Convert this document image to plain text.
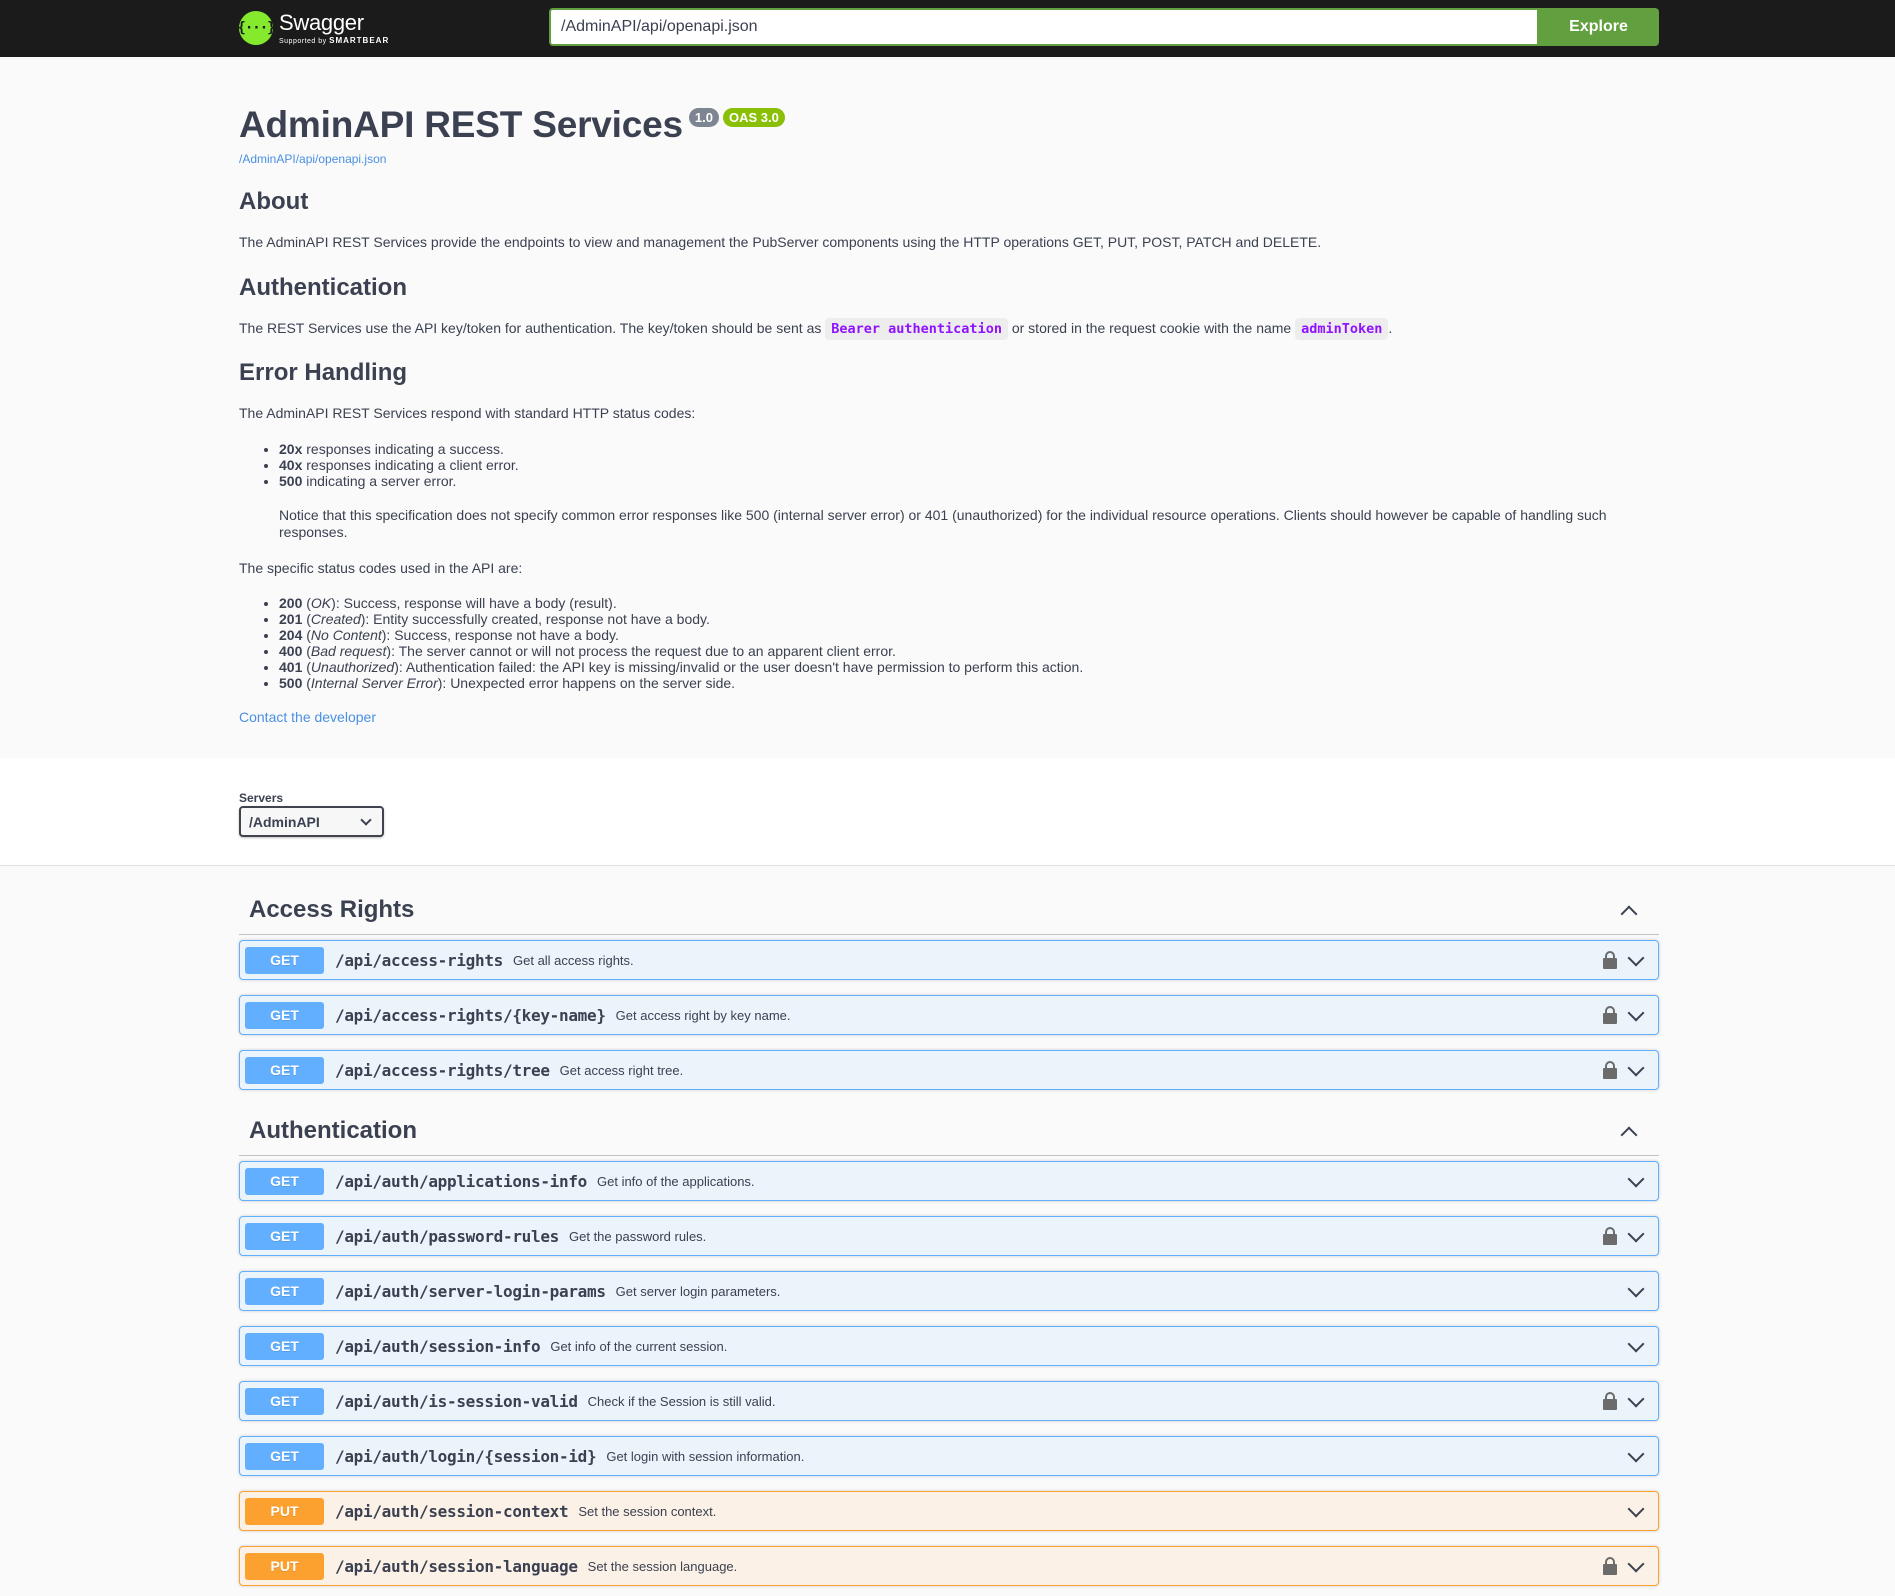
{···} Swagger
Supported by SMARTBEAR
/AdminAPI/api/openapi.json
Explore
AdminAPI REST Services 1.0	OAS 3.0
/AdminAPI/api/openapi.json
About

The AdminAPI REST Services provide the endpoints to view and management the PubServer components using the HTTP operations GET, PUT, POST, PATCH and DELETE.

Authentication

The REST Services use the API key/token for authentication. The key/token should be sent as Bearer authentication or stored in the request cookie with the name adminToken .

Error Handling

The AdminAPI REST Services respond with standard HTTP status codes:

• 20x responses indicating a success.
• 40x responses indicating a client error.
• 500 indicating a server error.

Notice that this specification does not specify common error responses like 500 (internal server error) or 401 (unauthorized) for the individual resource operations. Clients should however be capable of handling such responses.

The specific status codes used in the API are:

• 200 (OK): Success, response will have a body (result).
• 201 (Created): Entity successfully created, response not have a body.
• 204 (No Content): Success, response not have a body.
• 400 (Bad request): The server cannot or will not process the request due to an apparent client error.
• 401 (Unauthorized): Authentication failed: the API key is missing/invalid or the user doesn't have permission to perform this action.
• 500 (Internal Server Error): Unexpected error happens on the server side.
Contact the developer
Servers
/AdminAPI
Access Rights
GET	/api/access-rights Get all access rights.
GET	/api/access-rights/{key-name} Get access right by key name.
GET	/api/access-rights/tree Get access right tree.
Authentication
GET	/api/auth/applications-info Get info of the applications.
GET	/api/auth/password-rules Get the password rules.
GET	/api/auth/server-login-params Get server login parameters.
GET	/api/auth/session-info Get info of the current session.
GET	/api/auth/is-session-valid Check if the Session is still valid.
GET	/api/auth/login/{session-id} Get login with session information.
PUT	/api/auth/session-context Set the session context.
PUT	/api/auth/session-language Set the session language.
